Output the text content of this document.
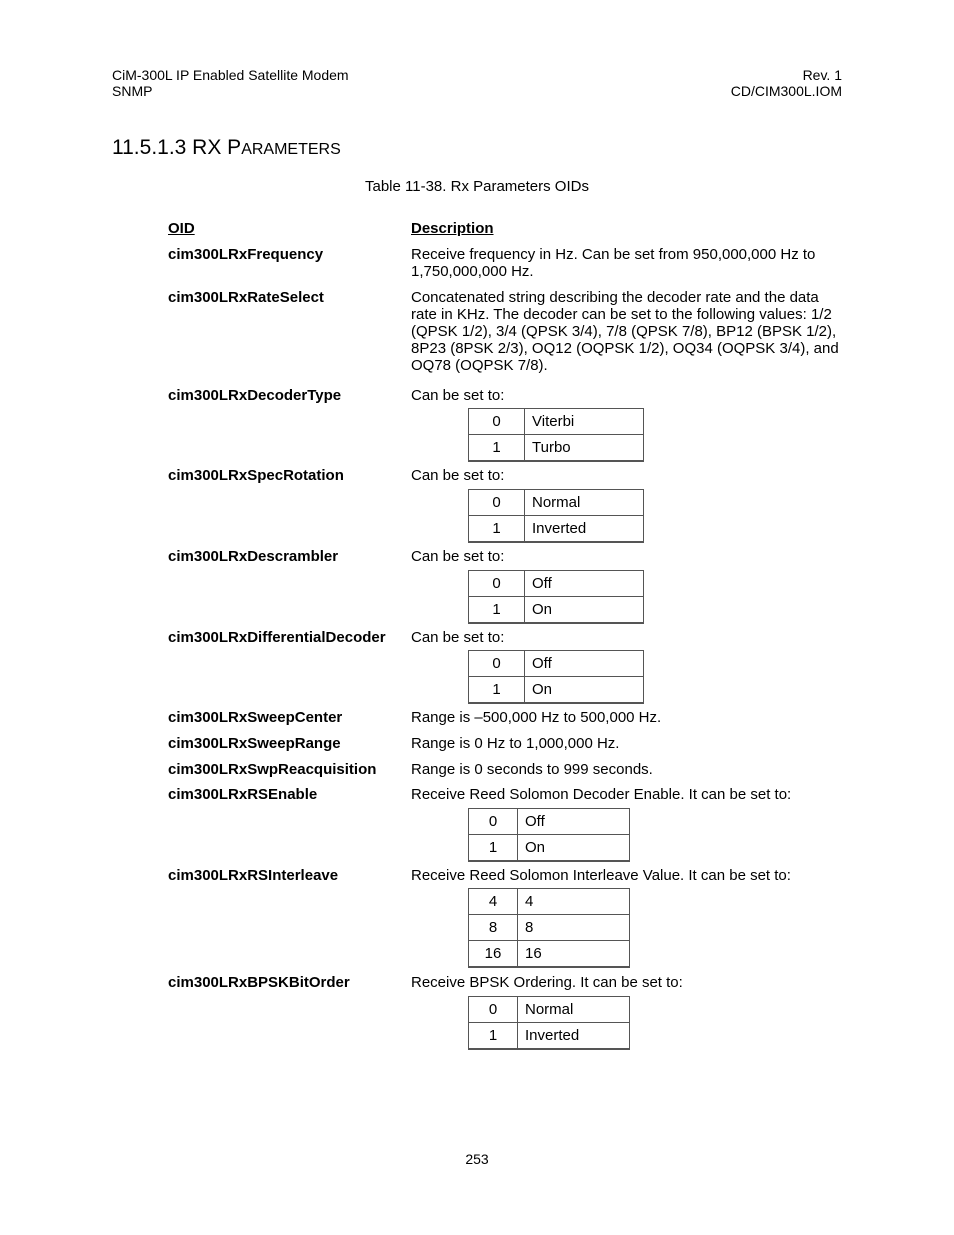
CiM-300L IP Enabled Satellite Modem
SNMP
Rev. 1
CD/CIM300L.IOM
11.5.1.3 RX PARAMETERS
Table 11-38. Rx Parameters OIDs
OID	Description
cim300LRxFrequency	Receive frequency in Hz. Can be set from 950,000,000 Hz to 1,750,000,000 Hz.
cim300LRxRateSelect	Concatenated string describing the decoder rate and the data rate in KHz. The decoder can be set to the following values: 1/2 (QPSK 1/2), 3/4 (QPSK 3/4), 7/8 (QPSK 7/8), BP12 (BPSK 1/2), 8P23 (8PSK 2/3), OQ12 (OQPSK 1/2), OQ34 (OQPSK 3/4), and OQ78 (OQPSK 7/8).
cim300LRxDecoderType	Can be set to:
0	Viterbi
1	Turbo
cim300LRxSpecRotation	Can be set to:
0	Normal
1	Inverted
cim300LRxDescrambler	Can be set to:
0	Off
1	On
cim300LRxDifferentialDecoder Can be set to:
0	Off
1	On
cim300LRxSweepCenter	Range is –500,000 Hz to 500,000 Hz.
cim300LRxSweepRange	Range is 0 Hz to 1,000,000 Hz.
cim300LRxSwpReacquisition Range is 0 seconds to 999 seconds.
cim300LRxRSEnable	Receive Reed Solomon Decoder Enable. It can be set to:
0	Off
1	On
cim300LRxRSInterleave	Receive Reed Solomon Interleave Value. It can be set to:
4	4
8	8
16	16
cim300LRxBPSKBitOrder	Receive BPSK Ordering. It can be set to:
0	Normal
1	Inverted
253
